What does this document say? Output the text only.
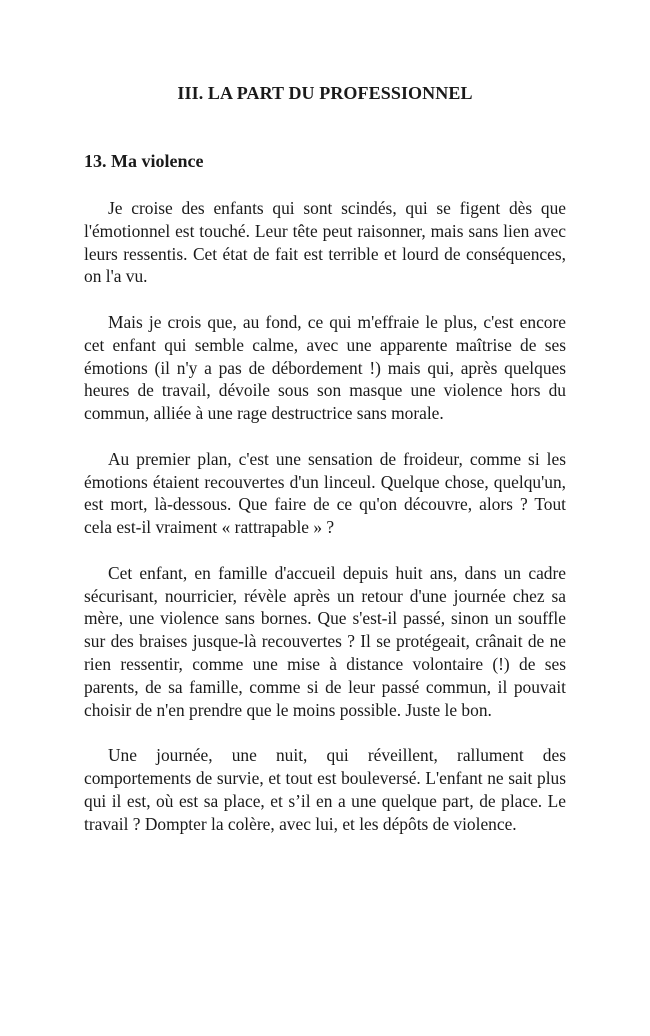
III. LA PART DU PROFESSIONNEL
13. Ma violence

Je croise des enfants qui sont scindés, qui se figent dès que l'émotionnel est touché. Leur tête peut raisonner, mais sans lien avec leurs ressentis. Cet état de fait est terrible et lourd de conséquences, on l'a vu.

Mais je crois que, au fond, ce qui m'effraie le plus, c'est encore cet enfant qui semble calme, avec une apparente maîtrise de ses émotions (il n'y a pas de débordement !) mais qui, après quelques heures de travail, dévoile sous son masque une violence hors du commun, alliée à une rage destructrice sans morale.

Au premier plan, c'est une sensation de froideur, comme si les émotions étaient recouvertes d'un linceul. Quelque chose, quelqu'un, est mort, là-dessous. Que faire de ce qu'on découvre, alors ? Tout cela est-il vraiment « rattrapable » ?

Cet enfant, en famille d'accueil depuis huit ans, dans un cadre sécurisant, nourricier, révèle après un retour d'une journée chez sa mère, une violence sans bornes. Que s'est-il passé, sinon un souffle sur des braises jusque-là recouvertes ? Il se protégeait, crânait de ne rien ressentir, comme une mise à distance volontaire (!) de ses parents, de sa famille, comme si de leur passé commun, il pouvait choisir de n'en prendre que le moins possible. Juste le bon.

Une journée, une nuit, qui réveillent, rallument des comportements de survie, et tout est bouleversé. L'enfant ne sait plus qui il est, où est sa place, et s’il en a une quelque part, de place. Le travail ? Dompter la colère, avec lui, et les dépôts de violence.
